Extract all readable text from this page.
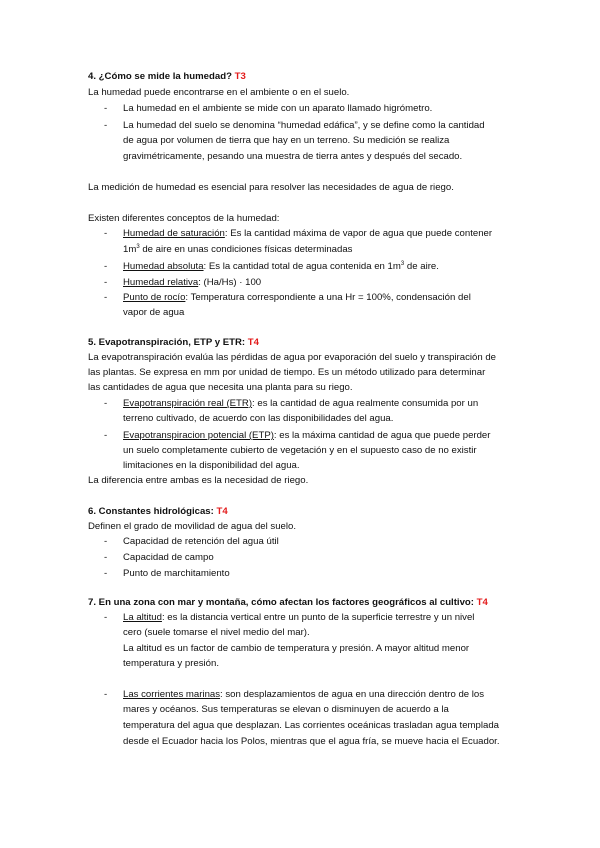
4. ¿Cómo se mide la humedad? T3
La humedad puede encontrarse en el ambiente o en el suelo.
- La humedad en el ambiente se mide con un aparato llamado higrómetro.
- La humedad del suelo se denomina “humedad edáfica”, y se define como la cantidad
de agua por volumen de tierra que hay en un terreno. Su medición se realiza
gravimétricamente, pesando una muestra de tierra antes y después del secado.
La medición de humedad es esencial para resolver las necesidades de agua de riego.
Existen diferentes conceptos de la humedad:
- Humedad de saturación: Es la cantidad máxima de vapor de agua que puede contener
$1m^3$ de aire en unas condiciones físicas determinadas
- Humedad absoluta: Es la cantidad total de agua contenida en $1m^3$ de aire.
- Humedad relativa: (Ha/Hs) · 100
- Punto de rocío: Temperatura correspondiente a una Hr = 100%, condensación del
vapor de agua
5. Evapotranspiración, ETP y ETR: T4
La evapotranspiración evalúa las pérdidas de agua por evaporación del suelo y transpiración de
las plantas. Se expresa en mm por unidad de tiempo. Es un método utilizado para determinar
las cantidades de agua que necesita una planta para su riego.
- Evapotranspiración real (ETR): es la cantidad de agua realmente consumida por un
terreno cultivado, de acuerdo con las disponibilidades del agua.
- Evapotranspiracion potencial (ETP): es la máxima cantidad de agua que puede perder
un suelo completamente cubierto de vegetación y en el supuesto caso de no existir
limitaciones en la disponibilidad del agua.
La diferencia entre ambas es la necesidad de riego.
6. Constantes hidrológicas: T4
Definen el grado de movilidad de agua del suelo.
- Capacidad de retención del agua útil
- Capacidad de campo
- Punto de marchitamiento
7. En una zona con mar y montaña, cómo afectan los factores geográficos al cultivo: T4
- La altitud: es la distancia vertical entre un punto de la superficie terrestre y un nivel
cero (suele tomarse el nivel medio del mar).
La altitud es un factor de cambio de temperatura y presión. A mayor altitud menor
temperatura y presión.
- Las corrientes marinas: son desplazamientos de agua en una dirección dentro de los
mares y océanos. Sus temperaturas se elevan o disminuyen de acuerdo a la
temperatura del agua que desplazan. Las corrientes oceánicas trasladan agua templada
desde el Ecuador hacia los Polos, mientras que el agua fría, se mueve hacia el Ecuador.
